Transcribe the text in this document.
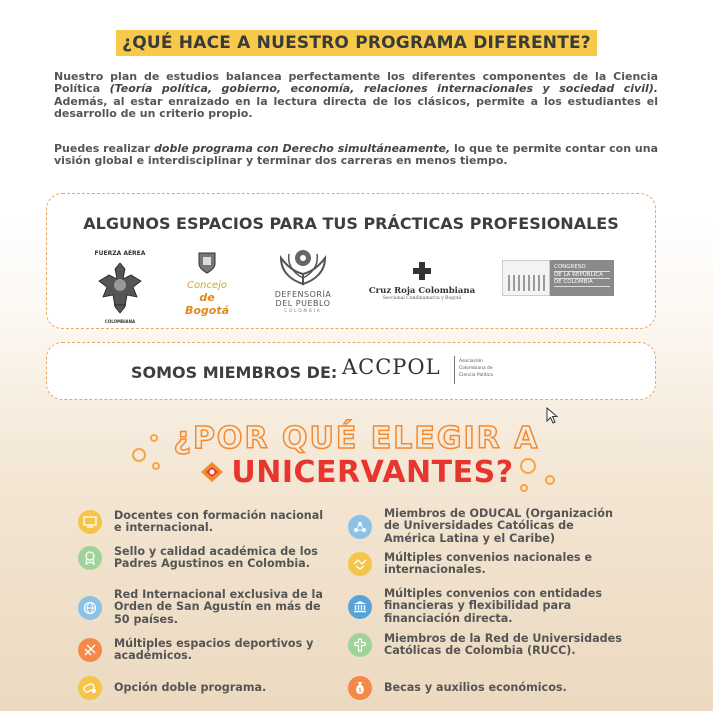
¿QUÉ HACE A NUESTRO PROGRAMA DIFERENTE?

Nuestro plan de estudios balancea perfectamente los diferentes componentes de la Ciencia Política (Teoría política, gobierno, economía, relaciones internacionales y sociedad civil). Además, al estar enraizado en la lectura directa de los clásicos, permite a los estudiantes el desarrollo de un criterio propio.

Puedes realizar doble programa con Derecho simultáneamente, lo que te permite contar con una visión global e interdisciplinar y terminar dos carreras en menos tiempo.

ALGUNOS ESPACIOS PARA TUS PRÁCTICAS PROFESIONALES
FUERZA AÉREA
COLOMBIANA
Concejo
de Bogotá
DEFENSORÍA
DEL PUEBLO
COLOMBIA
Cruz Roja Colombiana
Seccional Cundinamarca y Bogotá
CONGRESO
DE LA REPÚBLICA
DE COLOMBIA
SOMOS MIEMBROS DE: ACCPOL	Asociación
Colombiana de
Ciencia Política
¿POR QUÉ ELEGIR A
UNICERVANTES?
Docentes con formación nacional e internacional.
Sello y calidad académica de los Padres Agustinos en Colombia.
Red Internacional exclusiva de la Orden de San Agustín en más de 50 países.
Múltiples espacios deportivos y académicos.
Opción doble programa.
Miembros de ODUCAL (Organización de Universidades Católicas de América Latina y el Caribe)
Múltiples convenios nacionales e internacionales.
Múltiples convenios con entidades financieras y flexibilidad para financiación directa.
Miembros de la Red de Universidades Católicas de Colombia (RUCC).
$ Becas y auxilios económicos.
